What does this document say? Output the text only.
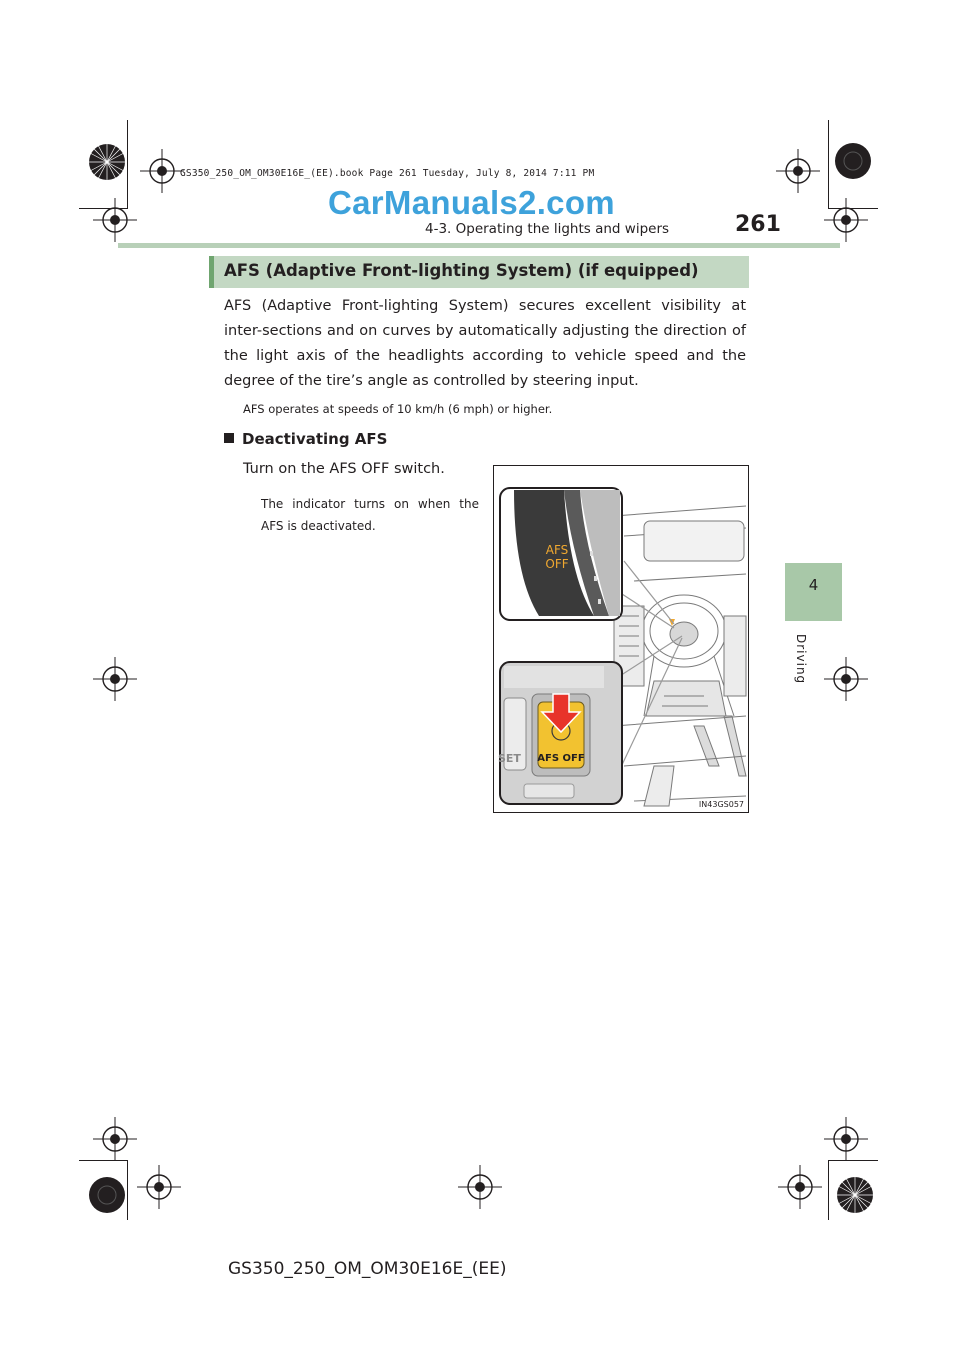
GS350_250_OM_OM30E16E_(EE).book Page 261 Tuesday, July 8, 2014 7:11 PM
CarManuals2.com
4-3. Operating the lights and wipers	261
4
Driving
AFS (Adaptive Front-lighting System) (if equipped)
AFS (Adaptive Front-lighting System) secures excellent visibility at inter-sections and on curves by automatically adjusting the direction of the light axis of the headlights according to vehicle speed and the degree of the tire’s angle as controlled by steering input.
AFS operates at speeds of 10 km/h (6 mph) or higher.
Deactivating AFS
Turn on the AFS OFF switch.
The indicator turns on when the AFS is deactivated.
AFS
OFF
SET AFS OFF
IN43GS057
GS350_250_OM_OM30E16E_(EE)
